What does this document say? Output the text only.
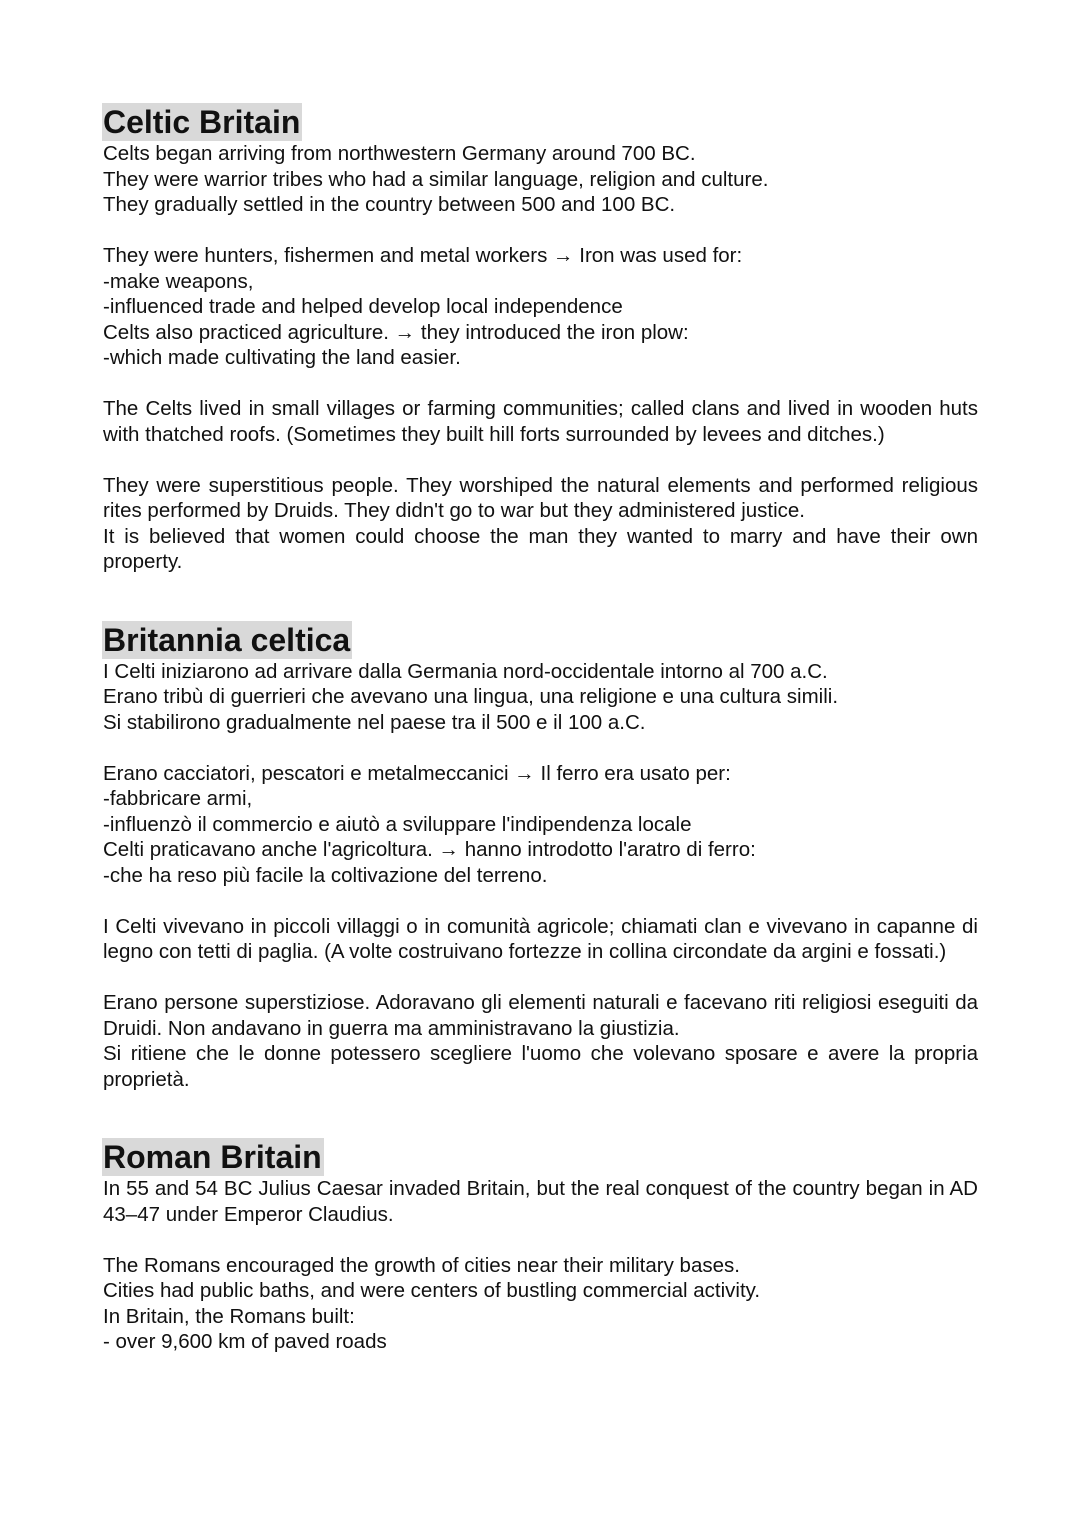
Celtic Britain
Celts began arriving from northwestern Germany around 700 BC.
They were warrior tribes who had a similar language, religion and culture.
They gradually settled in the country between 500 and 100 BC.
They were hunters, fishermen and metal workers → Iron was used for:
-make weapons,
-influenced trade and helped develop local independence
Celts also practiced agriculture. → they introduced the iron plow:
-which made cultivating the land easier.
The Celts lived in small villages or farming communities; called clans and lived in wooden huts with thatched roofs. (Sometimes they built hill forts surrounded by levees and ditches.)
They were superstitious people. They worshiped the natural elements and performed religious rites performed by Druids. They didn't go to war but they administered justice.
It is believed that women could choose the man they wanted to marry and have their own property.
Britannia celtica
I Celti iniziarono ad arrivare dalla Germania nord-occidentale intorno al 700 a.C.
Erano tribù di guerrieri che avevano una lingua, una religione e una cultura simili.
Si stabilirono gradualmente nel paese tra il 500 e il 100 a.C.
Erano cacciatori, pescatori e metalmeccanici → Il ferro era usato per:
-fabbricare armi,
-influenzò il commercio e aiutò a sviluppare l'indipendenza locale
Celti praticavano anche l'agricoltura. → hanno introdotto l'aratro di ferro:
-che ha reso più facile la coltivazione del terreno.
I Celti vivevano in piccoli villaggi o in comunità agricole; chiamati clan e vivevano in capanne di legno con tetti di paglia. (A volte costruivano fortezze in collina circondate da argini e fossati.)
Erano persone superstiziose. Adoravano gli elementi naturali e facevano riti religiosi eseguiti da Druidi. Non andavano in guerra ma amministravano la giustizia.
Si ritiene che le donne potessero scegliere l'uomo che volevano sposare e avere la propria proprietà.
Roman Britain
In 55 and 54 BC Julius Caesar invaded Britain, but the real conquest of the country began in AD 43–47 under Emperor Claudius.
The Romans encouraged the growth of cities near their military bases.
Cities had public baths, and were centers of bustling commercial activity.
In Britain, the Romans built:
- over 9,600 km of paved roads
